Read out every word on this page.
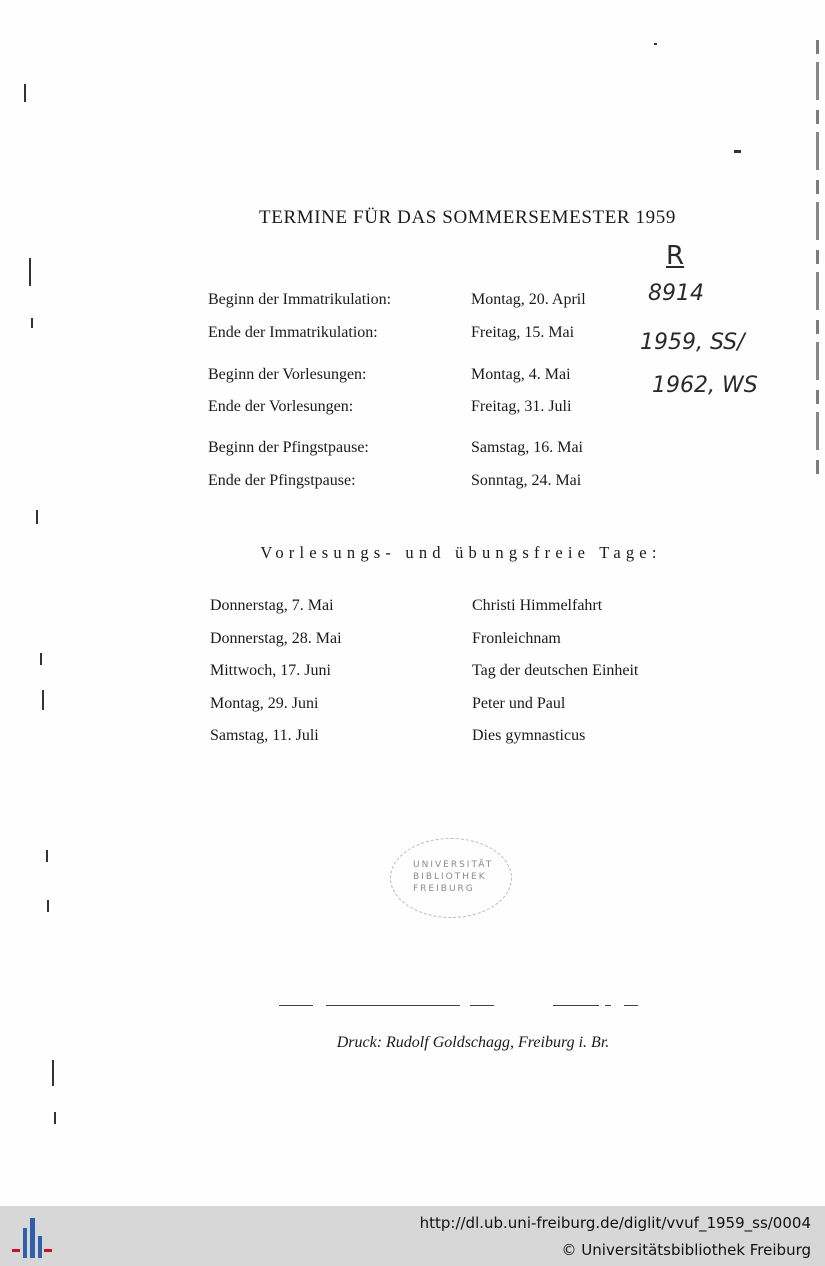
TERMINE FÜR DAS SOMMERSEMESTER 1959
R
8914
1959, SS/
1962, WS
Beginn der Immatrikulation:	Montag, 20. April
Ende der Immatrikulation:	Freitag, 15. Mai
Beginn der Vorlesungen:	Montag, 4. Mai
Ende der Vorlesungen:	Freitag, 31. Juli
Beginn der Pfingstpause:	Samstag, 16. Mai
Ende der Pfingstpause:	Sonntag, 24. Mai
Vorlesungs- und übungsfreie Tage:
Donnerstag, 7. Mai	Christi Himmelfahrt
Donnerstag, 28. Mai	Fronleichnam
Mittwoch, 17. Juni	Tag der deutschen Einheit
Montag, 29. Juni	Peter und Paul
Samstag, 11. Juli	Dies gymnasticus
UNIVERSITÄT
BIBLIOTHEK
FREIBURG
Druck: Rudolf Goldschagg, Freiburg i. Br.
http://dl.ub.uni-freiburg.de/diglit/vvuf_1959_ss/0004
© Universitätsbibliothek Freiburg
